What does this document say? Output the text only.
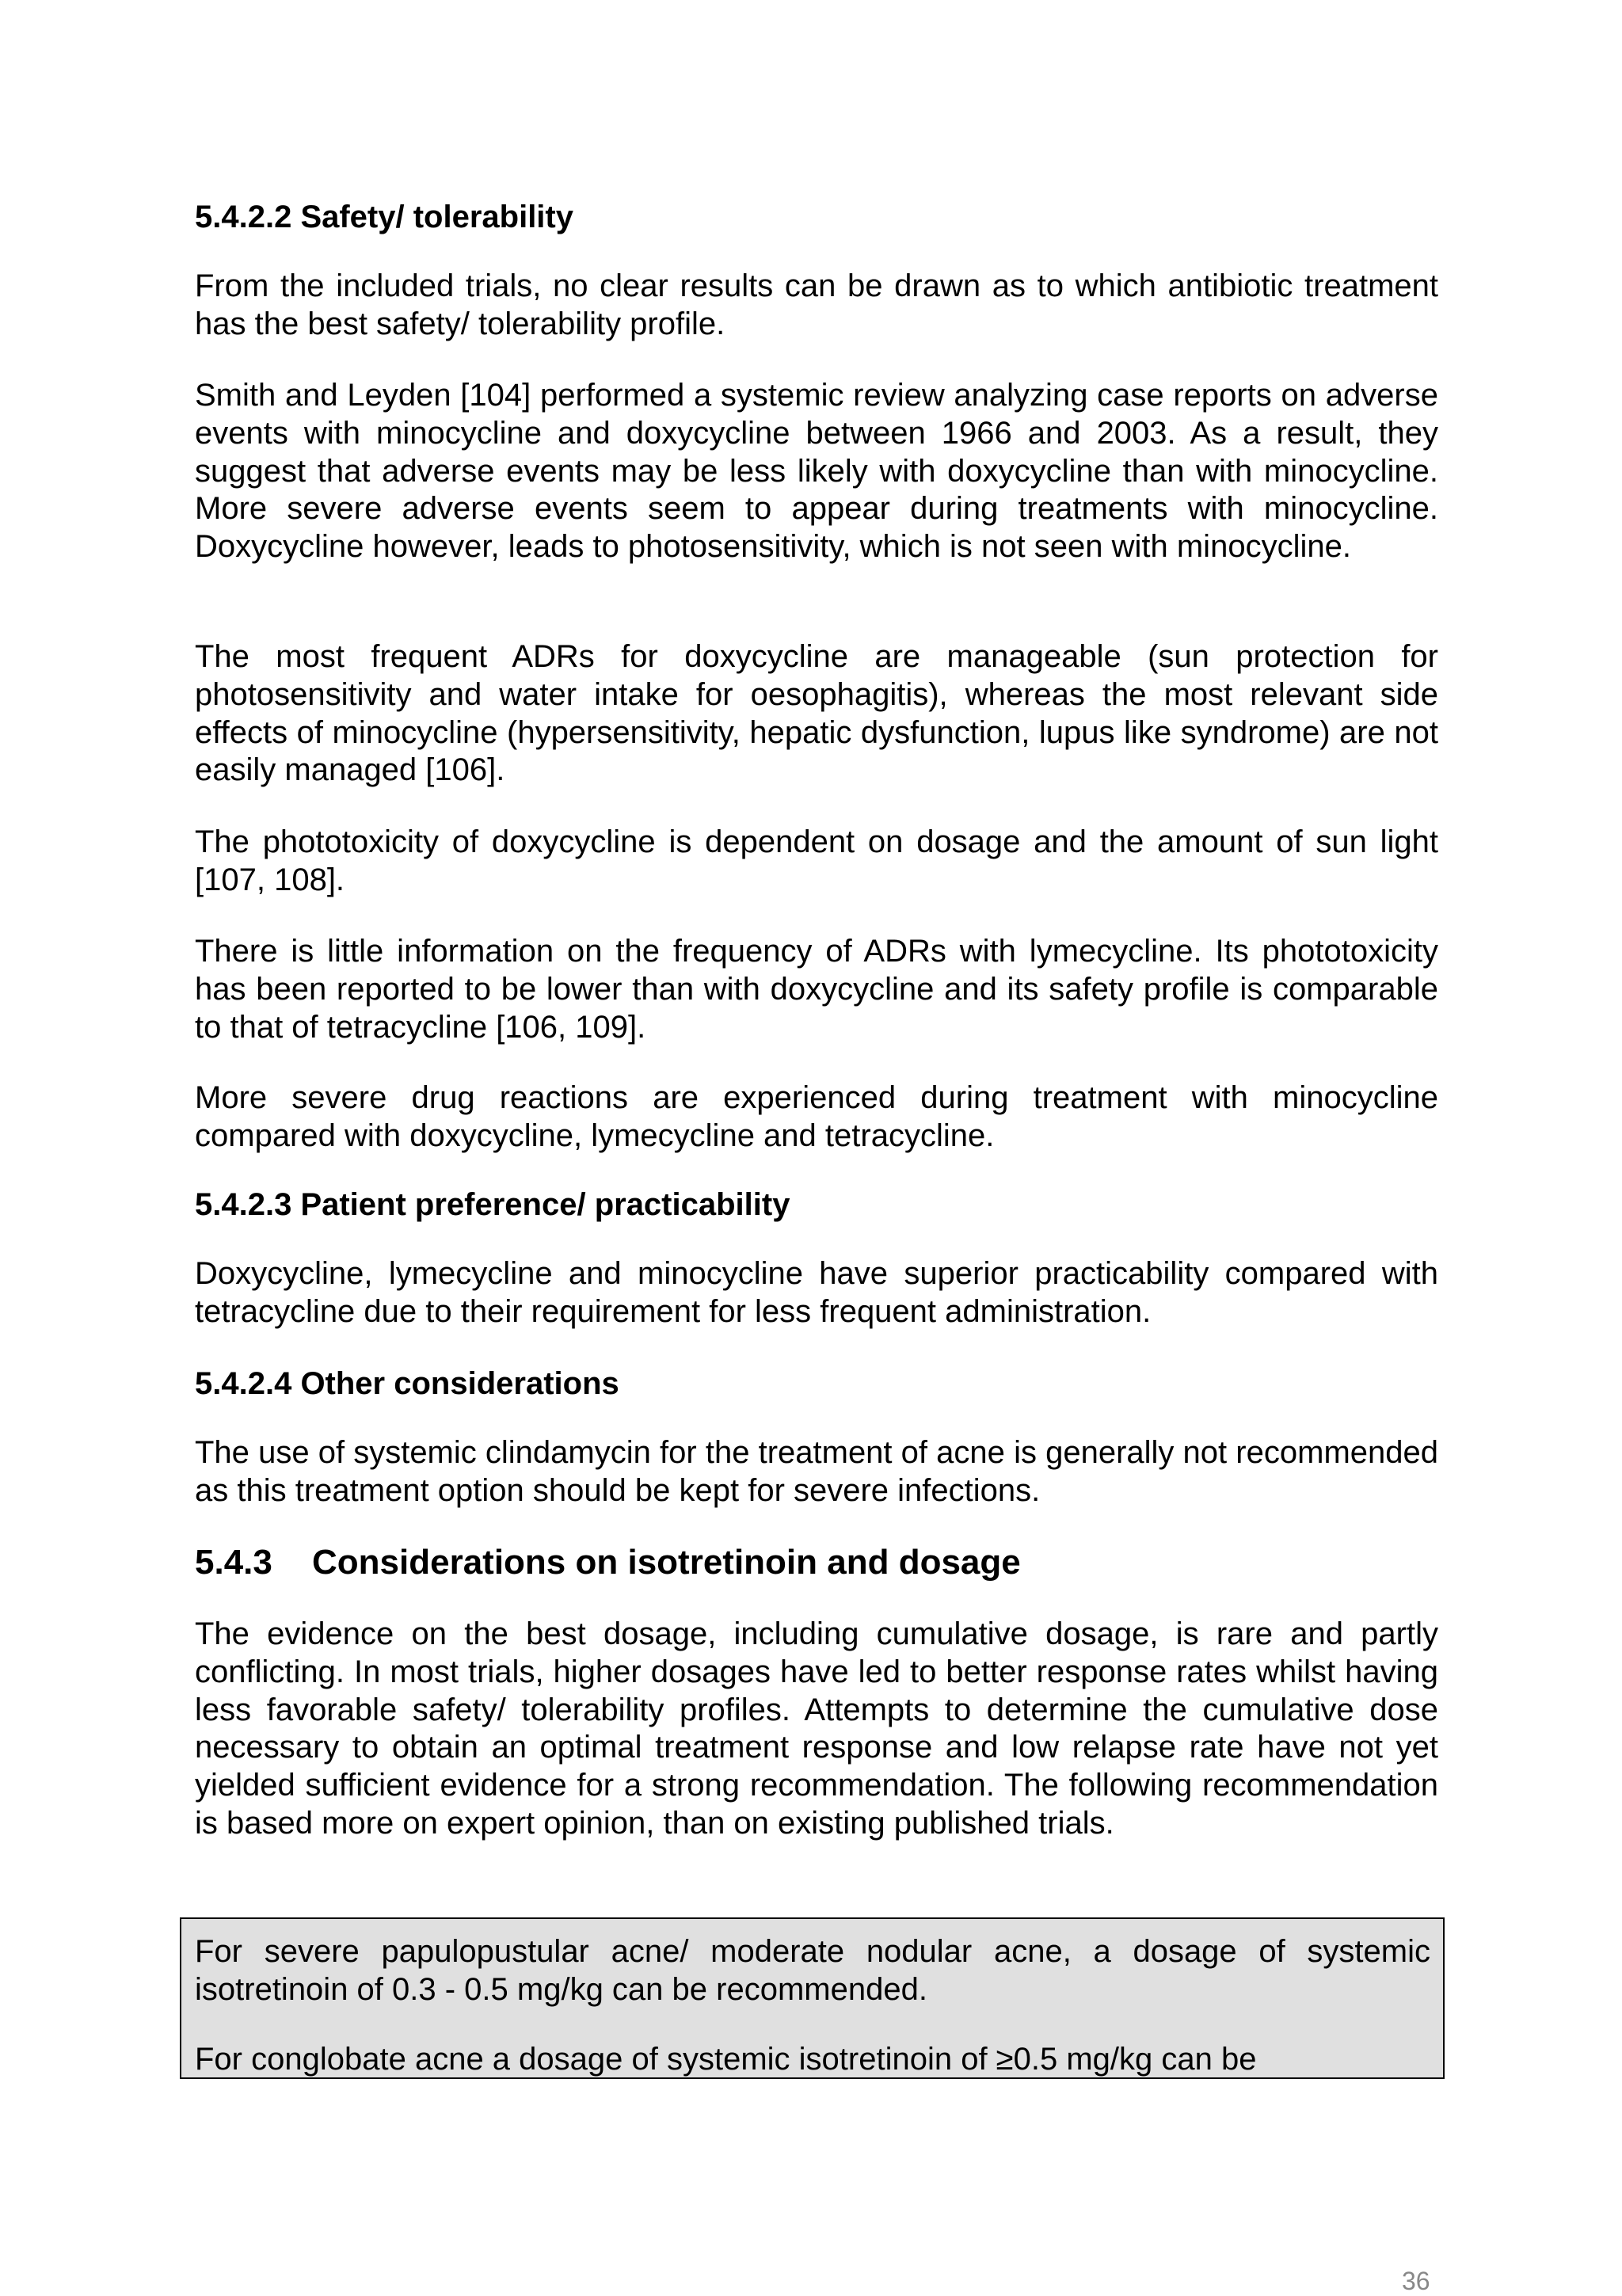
5.4.2.2 Safety/ tolerability

From the included trials, no clear results can be drawn as to which antibiotic treatment has the best safety/ tolerability profile.

Smith and Leyden [104] performed a systemic review analyzing case reports on adverse events with minocycline and doxycycline between 1966 and 2003. As a result, they suggest that adverse events may be less likely with doxycycline than with minocycline. More severe adverse events seem to appear during treatments with minocycline. Doxycycline however, leads to photosensitivity, which is not seen with minocycline.

The most frequent ADRs for doxycycline are manageable (sun protection for photosensitivity and water intake for oesophagitis), whereas the most relevant side effects of minocycline (hypersensitivity, hepatic dysfunction, lupus like syndrome) are not easily managed [106].

The phototoxicity of doxycycline is dependent on dosage and the amount of sun light [107, 108].

There is little information on the frequency of ADRs with lymecycline. Its phototoxicity has been reported to be lower than with doxycycline and its safety profile is comparable to that of tetracycline [106, 109].

More severe drug reactions are experienced during treatment with minocycline compared with doxycycline, lymecycline and tetracycline.

5.4.2.3 Patient preference/ practicability

Doxycycline, lymecycline and minocycline have superior practicability compared with tetracycline due to their requirement for less frequent administration.

5.4.2.4 Other considerations

The use of systemic clindamycin for the treatment of acne is generally not recommended as this treatment option should be kept for severe infections.

5.4.3 Considerations on isotretinoin and dosage

The evidence on the best dosage, including cumulative dosage, is rare and partly conflicting. In most trials, higher dosages have led to better response rates whilst having less favorable safety/ tolerability profiles. Attempts to determine the cumulative dose necessary to obtain an optimal treatment response and low relapse rate have not yet yielded sufficient evidence for a strong recommendation. The following recommendation is based more on expert opinion, than on existing published trials.

For severe papulopustular acne/ moderate nodular acne, a dosage of systemic isotretinoin of 0.3 - 0.5 mg/kg can be recommended.

For conglobate acne a dosage of systemic isotretinoin of ≥0.5 mg/kg can be

36
